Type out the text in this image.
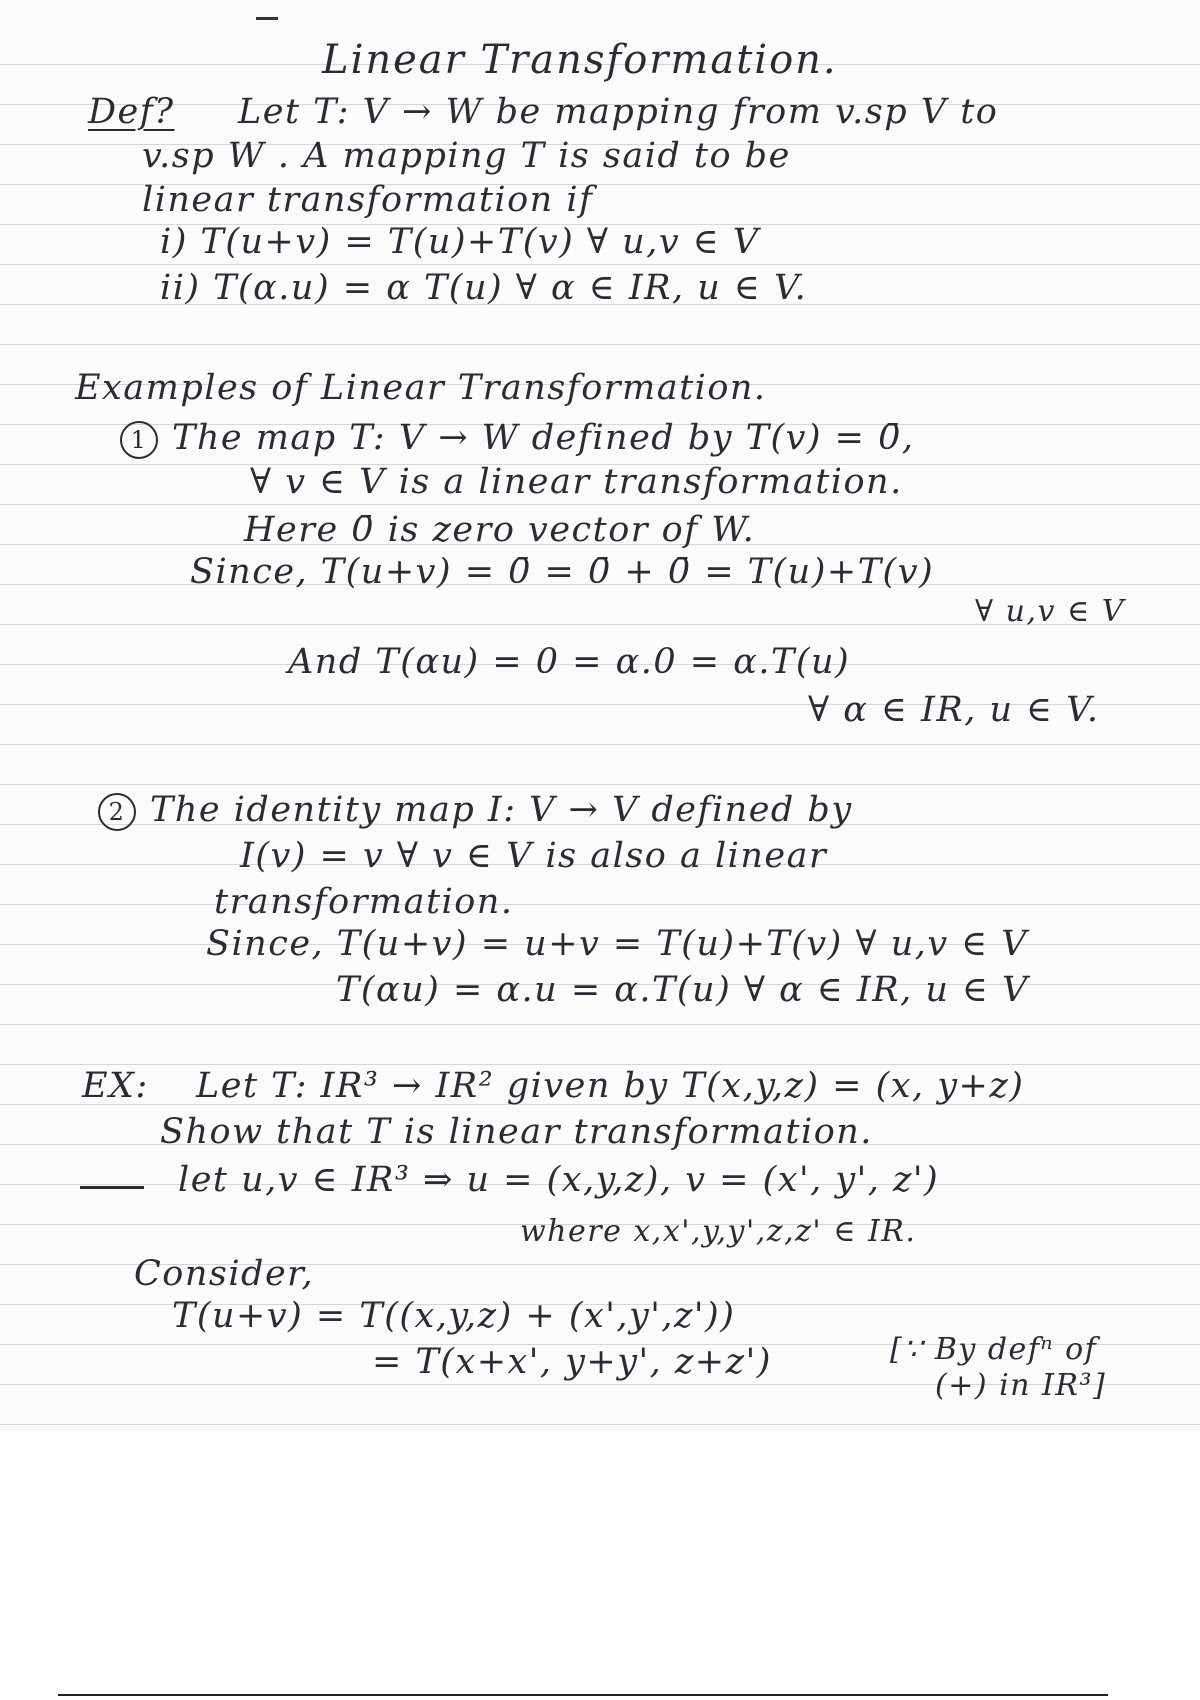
Linear Transformation.
Def? Let T: V → W be mapping from v.sp V to
v.sp W . A mapping T is said to be
linear transformation if
i) T(u+v) = T(u)+T(v) ∀ u,v ∈ V
ii) T(α.u) = α T(u) ∀ α ∈ IR, u ∈ V.
Examples of Linear Transformation.
1 The map T: V → W defined by T(v) = 0̄,
∀ v ∈ V is a linear transformation.
Here 0̄ is zero vector of W.
Since, T(u+v) = 0̄ = 0̄ + 0̄ = T(u)+T(v)
∀ u,v ∈ V
And T(αu) = 0 = α.0 = α.T(u)
∀ α ∈ IR, u ∈ V.
2 The identity map I: V → V defined by
I(v) = v ∀ v ∈ V is also a linear
transformation.
Since, T(u+v) = u+v = T(u)+T(v) ∀ u,v ∈ V
T(αu) = α.u = α.T(u) ∀ α ∈ IR, u ∈ V
EX: Let T: IR³ → IR² given by T(x,y,z) = (x, y+z)
Show that T is linear transformation.
let u,v ∈ IR³ ⇒ u = (x,y,z), v = (x', y', z')
where x,x',y,y',z,z' ∈ IR.
Consider,
T(u+v) = T((x,y,z) + (x',y',z'))
= T(x+x', y+y', z+z')	[∵ By defⁿ of
(+) in IR³]
